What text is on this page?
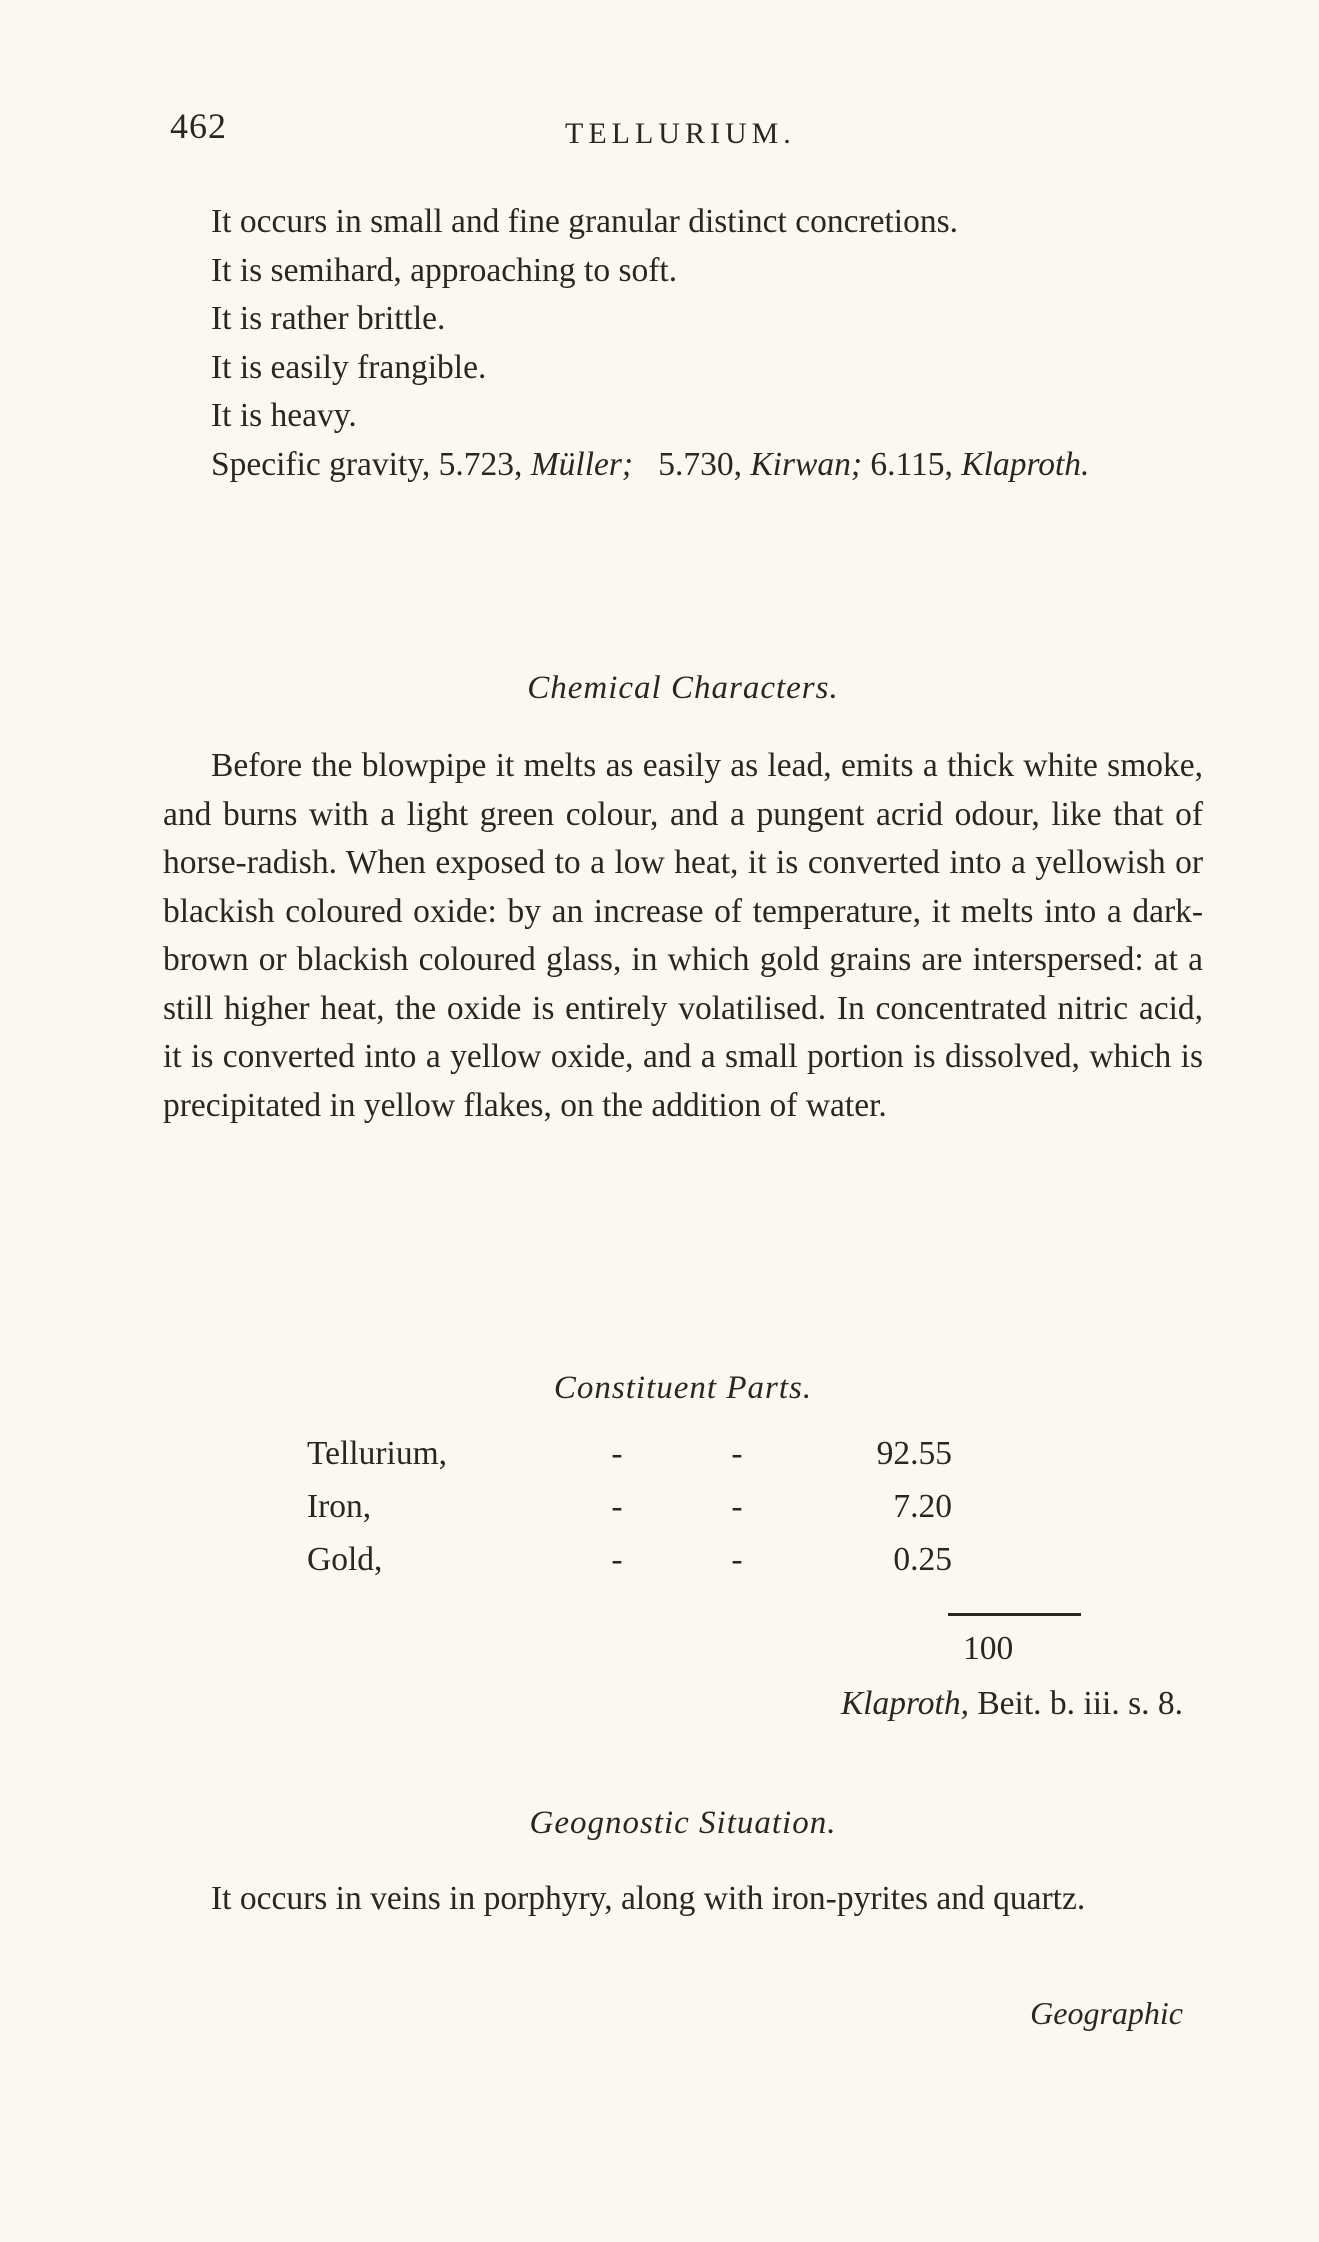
462	TELLURIUM.

It occurs in small and fine granular distinct concretions.

It is semihard, approaching to soft.

It is rather brittle.

It is easily frangible.

It is heavy.

Specific gravity, 5.723, Müller; 5.730, Kirwan; 6.115, Klaproth.

Chemical Characters.

Before the blowpipe it melts as easily as lead, emits a thick white smoke, and burns with a light green colour, and a pungent acrid odour, like that of horse-radish. When exposed to a low heat, it is converted into a yellowish or blackish coloured oxide: by an increase of temperature, it melts into a dark-brown or blackish coloured glass, in which gold grains are interspersed: at a still higher heat, the oxide is entirely volatilised. In concentrated nitric acid, it is converted into a yellow oxide, and a small portion is dissolved, which is precipitated in yellow flakes, on the addition of water.

Constituent Parts.
Tellurium,	-	-	92.55
Iron,	-	-	7.20
Gold,	-	-	0.25
100
Klaproth, Beit. b. iii. s. 8.
Geognostic Situation.

It occurs in veins in porphyry, along with iron-pyrites and quartz.

Geographic
